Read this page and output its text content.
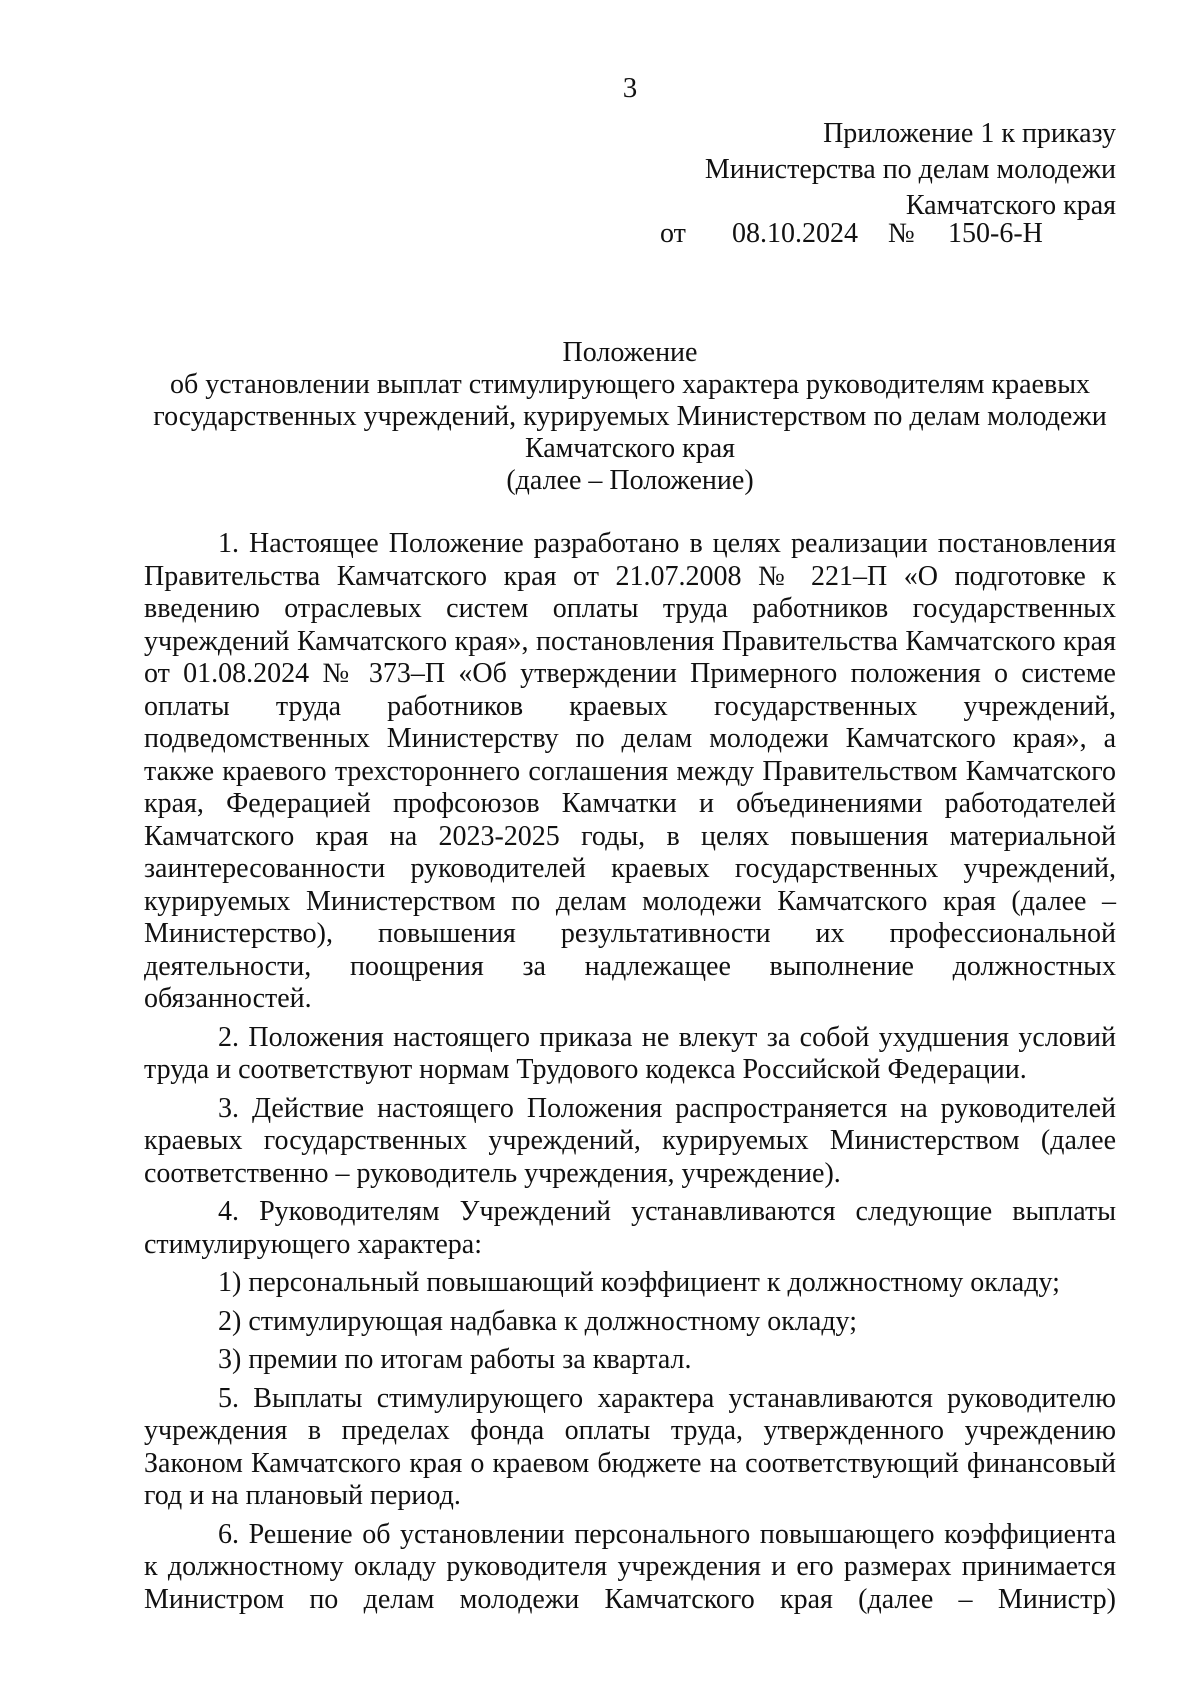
3
Приложение 1 к приказу
Министерства по делам молодежи
Камчатского края
от 08.10.2024 № 150-6-Н
Положение
об установлении выплат стимулирующего характера руководителям краевых
государственных учреждений, курируемых Министерством по делам молодежи
Камчатского края
(далее – Положение)

1. Настоящее Положение разработано в целях реализации постановления Правительства Камчатского края от 21.07.2008 № 221–П «О подготовке к введению отраслевых систем оплаты труда работников государственных учреждений Камчатского края», постановления Правительства Камчатского края от 01.08.2024 № 373–П «Об утверждении Примерного положения о системе оплаты труда работников краевых государственных учреждений, подведомственных Министерству по делам молодежи Камчатского края», а также краевого трехстороннего соглашения между Правительством Камчатского края, Федерацией профсоюзов Камчатки и объединениями работодателей Камчатского края на 2023-2025 годы, в целях повышения материальной заинтересованности руководителей краевых государственных учреждений, курируемых Министерством по делам молодежи Камчатского края (далее – Министерство), повышения результативности их профессиональной деятельности, поощрения за надлежащее выполнение должностных обязанностей.

2. Положения настоящего приказа не влекут за собой ухудшения условий труда и соответствуют нормам Трудового кодекса Российской Федерации.

3. Действие настоящего Положения распространяется на руководителей краевых государственных учреждений, курируемых Министерством (далее соответственно – руководитель учреждения, учреждение).

4. Руководителям Учреждений устанавливаются следующие выплаты стимулирующего характера:

1) персональный повышающий коэффициент к должностному окладу;

2) стимулирующая надбавка к должностному окладу;

3) премии по итогам работы за квартал.

5. Выплаты стимулирующего характера устанавливаются руководителю учреждения в пределах фонда оплаты труда, утвержденного учреждению Законом Камчатского края о краевом бюджете на соответствующий финансовый год и на плановый период.

6. Решение об установлении персонального повышающего коэффициента к должностному окладу руководителя учреждения и его размерах принимается Министром по делам молодежи Камчатского края (далее – Министр)
